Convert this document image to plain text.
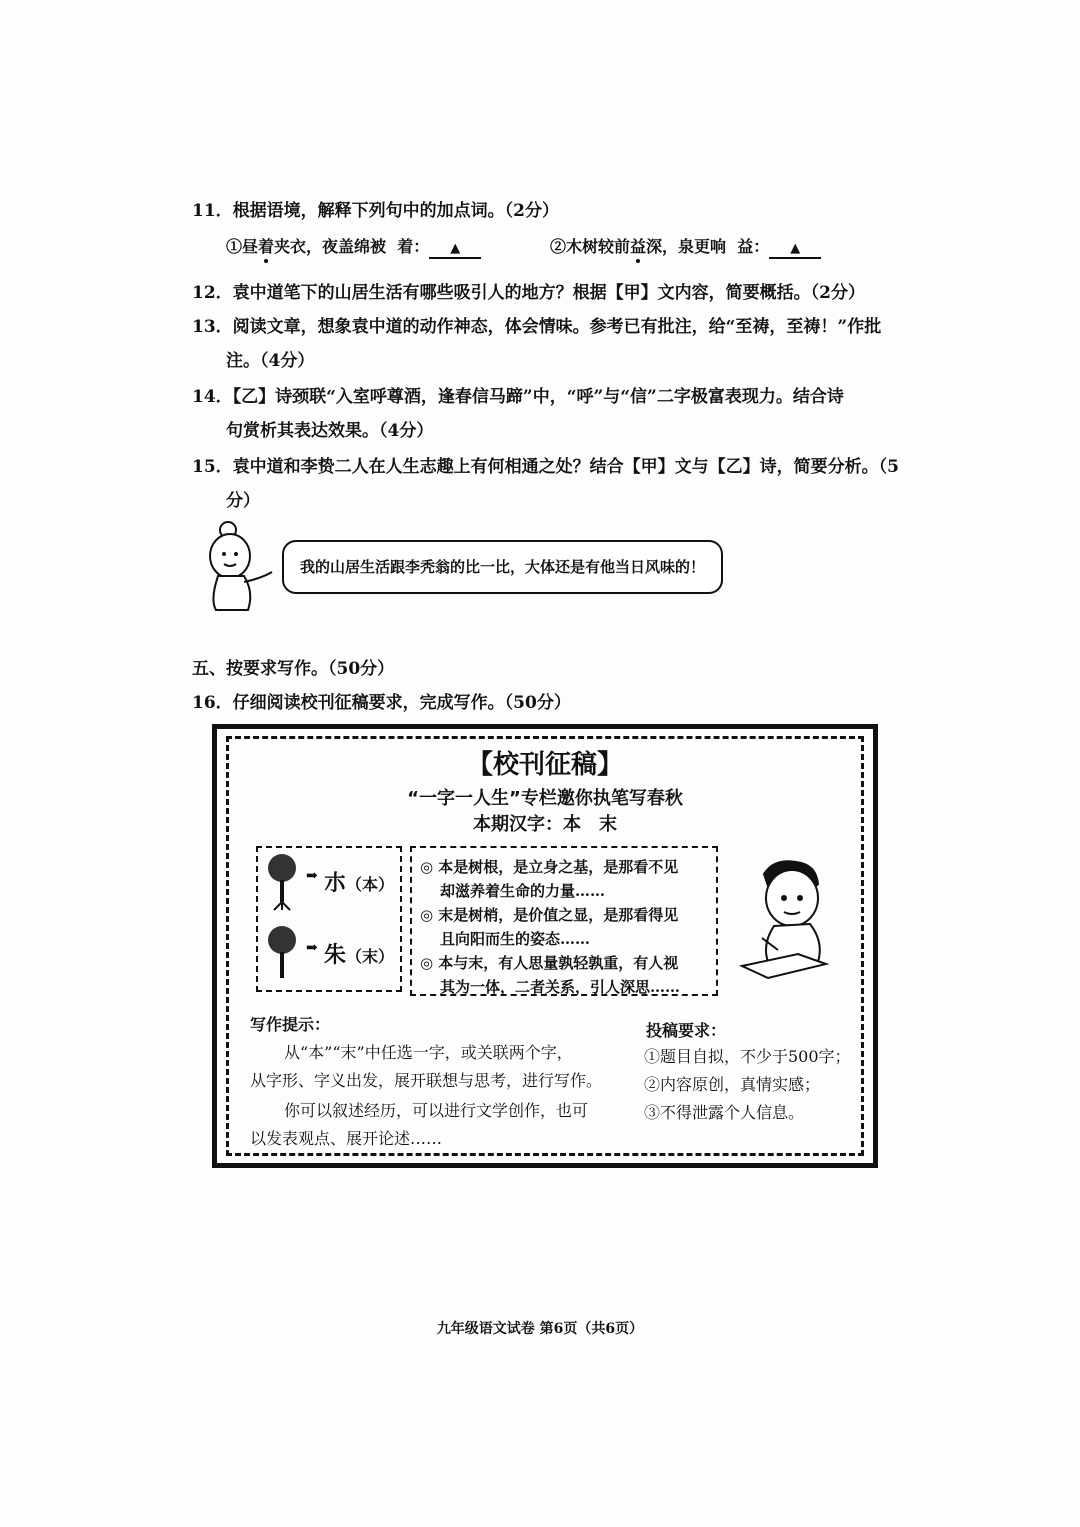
11．根据语境，解释下列句中的加点词。（2分）
①昼着夹衣，夜盖绵被 着： ▲	②木树较前益深，泉更响 益： ▲
12．袁中道笔下的山居生活有哪些吸引人的地方？根据【甲】文内容，简要概括。（2分）
13．阅读文章，想象袁中道的动作神态，体会情味。参考已有批注，给“至祷，至祷！”作批
注。（4分）
14．【乙】诗颈联“入室呼尊酒，逢春信马蹄”中，“呼”与“信”二字极富表现力。结合诗
句赏析其表达效果。（4分）
15．袁中道和李贽二人在人生志趣上有何相通之处？结合【甲】文与【乙】诗，简要分析。（5
分）
我的山居生活跟李秃翁的比一比，大体还是有他当日风味的！
五、按要求写作。（50分）
16．仔细阅读校刊征稿要求，完成写作。（50分）
【校刊征稿】
“一字一人生”专栏邀你执笔写春秋
本期汉字：本　末
➡ 朩 （本）
➡ 朱 （末）
◎ 本是树根，是立身之基，是那看不见
却滋养着生命的力量……
◎ 末是树梢，是价值之显，是那看得见
且向阳而生的姿态……
◎ 本与末，有人思量孰轻孰重，有人视
其为一体，二者关系，引人深思……
写作提示：
从“本”“末”中任选一字，或关联两个字，
从字形、字义出发，展开联想与思考，进行写作。
你可以叙述经历，可以进行文学创作，也可
以发表观点、展开论述……
投稿要求：
①题目自拟，不少于500字；
②内容原创，真情实感；
③不得泄露个人信息。
九年级语文试卷 第6页（共6页）
